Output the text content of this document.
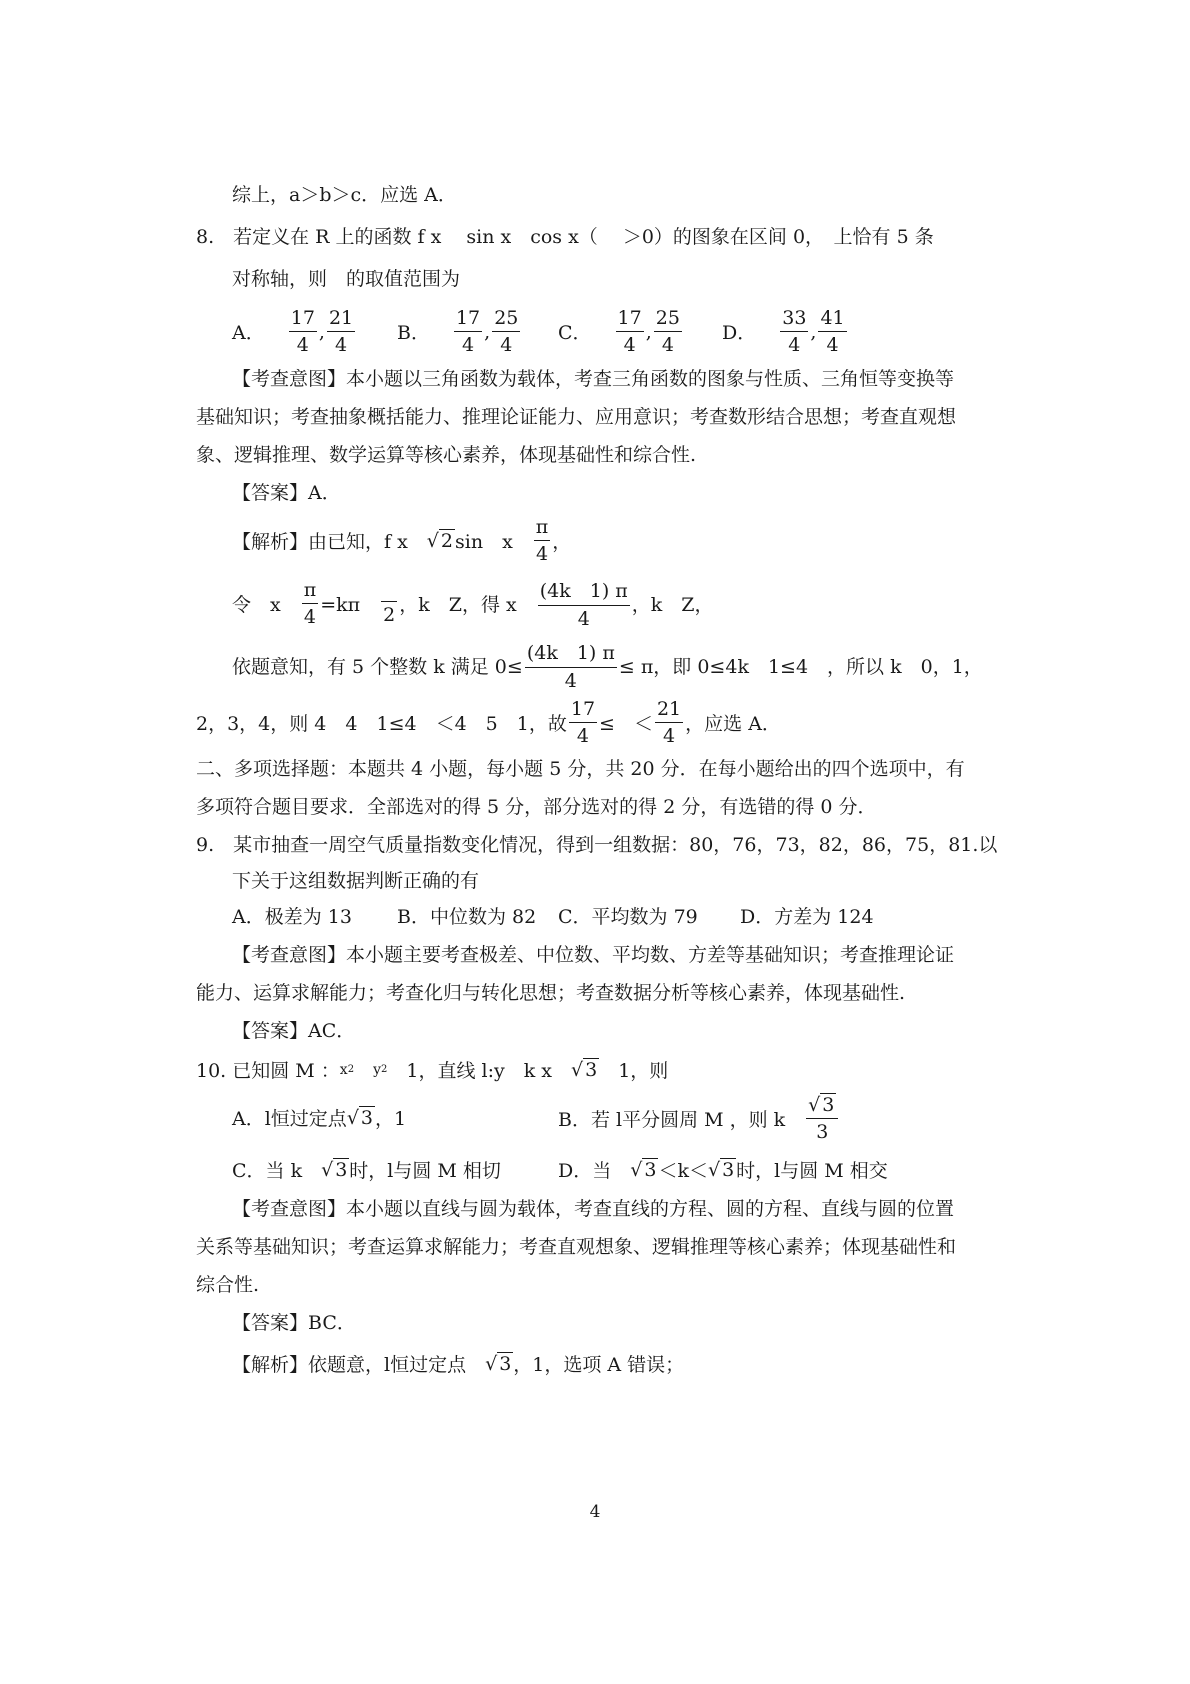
综上，a＞b＞c．应选 A．
8.　若定义在 R 上的函数 f x　 sin x　cos x（　 ＞0）的图象在区间 0，　上恰有 5 条
对称轴，则　的取值范围为
A． $\frac{17}{4}$ , $\frac{21}{4}$ B． $\frac{17}{4}$ , $\frac{25}{4}$ C． $\frac{17}{4}$ , $\frac{25}{4}$ D． $\frac{33}{4}$ , $\frac{41}{4}$
【考查意图】本小题以三角函数为载体，考查三角函数的图象与性质、三角恒等变换等
基础知识；考查抽象概括能力、推理论证能力、应用意识；考查数形结合思想；考查直观想
象、逻辑推理、数学运算等核心素养，体现基础性和综合性.
【答案】A．
【解析】由已知，f x　 √ 2 sin　x　 $\frac{\pi}{4}$ ，
令　x　 $\frac{\pi}{4} =k\pi$　 2 ，k　Z，得 x　 $\frac{(4k 1) \pi}{4}$ ，k　Z，
依题意知，有 5 个整数 k 满足 $0\le \frac{(4k 1) \pi}{4} \le \pi$，即 0≤4k　1≤4　，所以 k　0，1，
2，3，4，则 4　4　1≤4　＜4　5　1，故 $\frac{17}{4}$ ≤　＜ $\frac{21}{4}$ ，应选 A．
二、多项选择题：本题共 4 小题，每小题 5 分，共 20 分．在每小题给出的四个选项中，有
多项符合题目要求．全部选对的得 5 分，部分选对的得 2 分，有选错的得 0 分．
9.　某市抽查一周空气质量指数变化情况，得到一组数据：80，76，73，82，86，75，81.以
下关于这组数据判断正确的有
A．极差为 13 B．中位数为 82 C．平均数为 79 D．方差为 124
【考查意图】本小题主要考查极差、中位数、平均数、方差等基础知识；考查推理论证
能力、运算求解能力；考查化归与转化思想；考查数据分析等核心素养，体现基础性.
【答案】AC．
10. 已知圆 M ： x 2
　 y 2 　1，直线 l:y　k x　 √ 3 　1，则
A．l恒过定点 √ 3 ，1	B．若 l平分圆周 M ，则 k　 $\frac{√ 3}{3}$
C．当 k　 √ 3 时，l与圆 M 相切	D．当　 √ 3 ＜k＜ √ 3 时，l与圆 M 相交
【考查意图】本小题以直线与圆为载体，考查直线的方程、圆的方程、直线与圆的位置
关系等基础知识；考查运算求解能力；考查直观想象、逻辑推理等核心素养；体现基础性和
综合性.
【答案】BC．
【解析】依题意，l恒过定点　 √ 3 ，1，选项 A 错误；
4
